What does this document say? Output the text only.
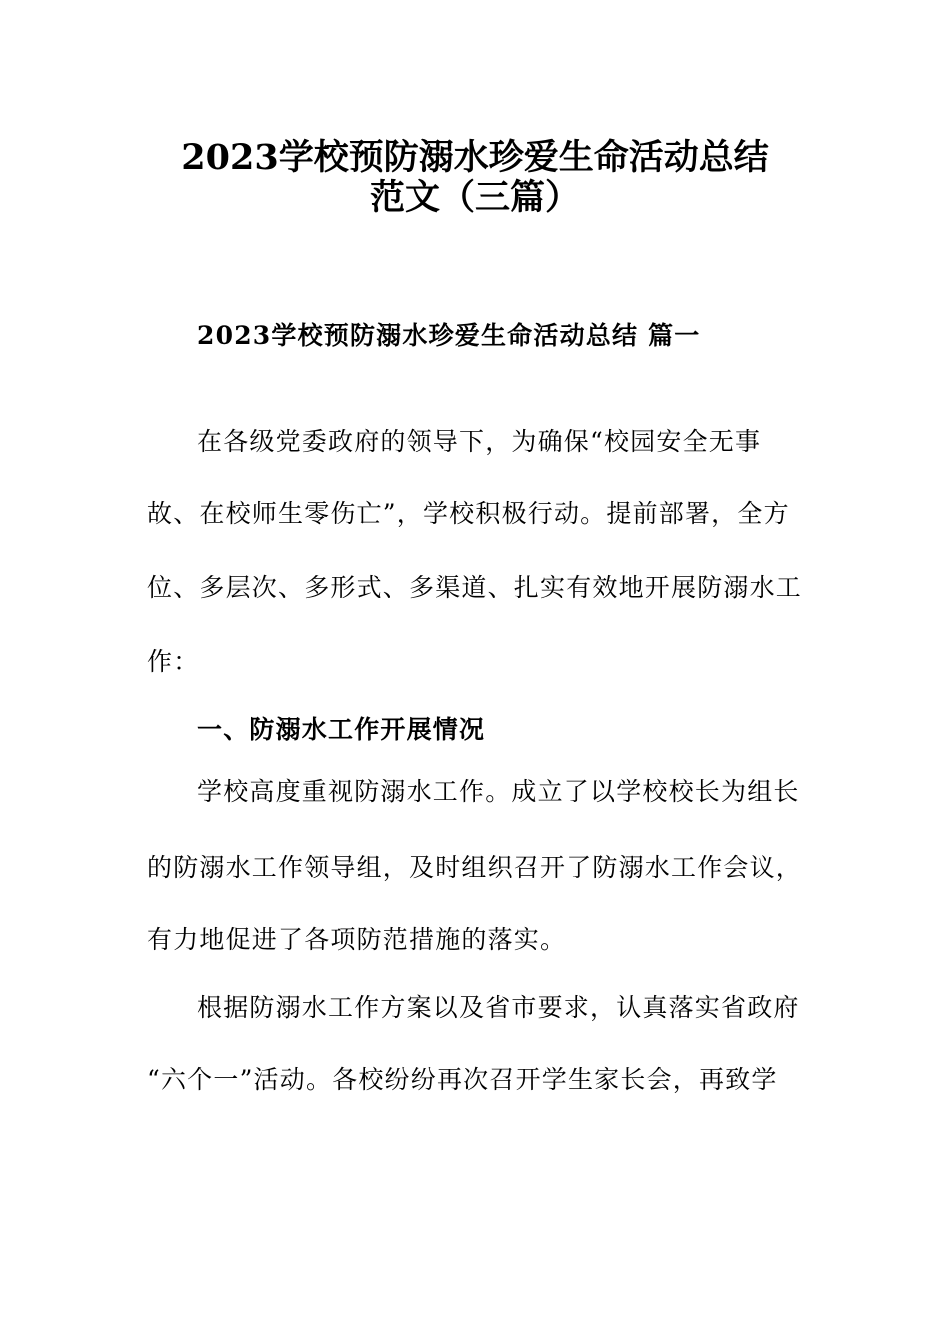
2023学校预防溺水珍爱生命活动总结
范文（三篇）
2023学校预防溺水珍爱生命活动总结 篇一
在各级党委政府的领导下，为确保“校园安全无事
故、在校师生零伤亡”，学校积极行动。提前部署，全方
位、多层次、多形式、多渠道、扎实有效地开展防溺水工
作：
一、防溺水工作开展情况
学校高度重视防溺水工作。成立了以学校校长为组长
的防溺水工作领导组，及时组织召开了防溺水工作会议，
有力地促进了各项防范措施的落实。
根据防溺水工作方案以及省市要求，认真落实省政府
“六个一”活动。各校纷纷再次召开学生家长会，再致学
